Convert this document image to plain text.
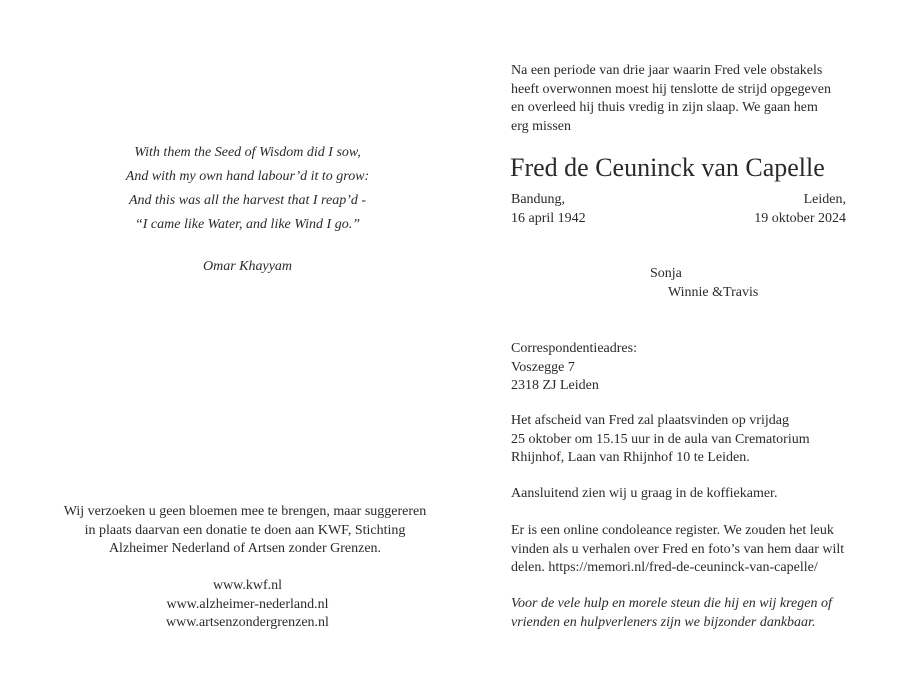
With them the Seed of Wisdom did I sow,
And with my own hand labour’d it to grow:
And this was all the harvest that I reap’d -
“I came like Water, and like Wind I go.”
Omar Khayyam
Wij verzoeken u geen bloemen mee te brengen, maar suggereren
in plaats daarvan een donatie te doen aan KWF, Stichting
Alzheimer Nederland of Artsen zonder Grenzen.
www.kwf.nl
www.alzheimer-nederland.nl
www.artsenzondergrenzen.nl
Na een periode van drie jaar waarin Fred vele obstakels
heeft overwonnen moest hij tenslotte de strijd opgegeven
en overleed hij thuis vredig in zijn slaap. We gaan hem
erg missen
Fred de Ceuninck van Capelle
Bandung,
16 april 1942
Leiden,
19 oktober 2024
Sonja
Winnie &Travis
Correspondentieadres:
Voszegge 7
2318 ZJ Leiden
Het afscheid van Fred zal plaatsvinden op vrijdag
25 oktober om 15.15 uur in de aula van Crematorium
Rhijnhof, Laan van Rhijnhof 10 te Leiden.
Aansluitend zien wij u graag in de koffiekamer.
Er is een online condoleance register. We zouden het leuk
vinden als u verhalen over Fred en foto’s van hem daar wilt
delen. https://memori.nl/fred-de-ceuninck-van-capelle/
Voor de vele hulp en morele steun die hij en wij kregen of
vrienden en hulpverleners zijn we bijzonder dankbaar.
